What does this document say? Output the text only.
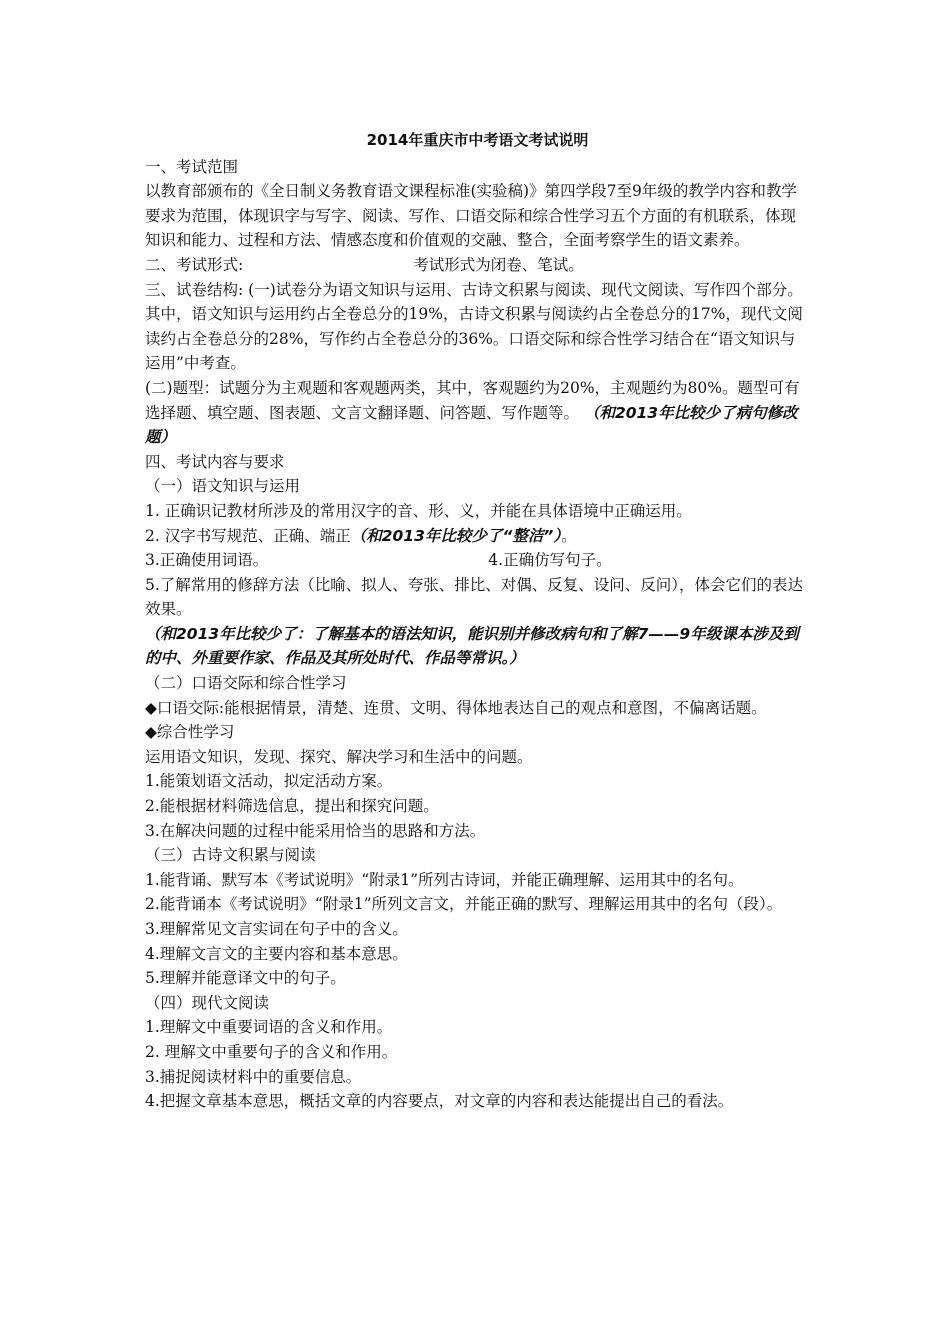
2014年重庆市中考语文考试说明

一、考试范围

以教育部颁布的《全日制义务教育语文课程标准(实验稿)》第四学段7至9年级的教学内容和教学要求为范围，体现识字与写字、阅读、写作、口语交际和综合性学习五个方面的有机联系，体现知识和能力、过程和方法、情感态度和价值观的交融、整合，全面考察学生的语文素养。

二、考试形式:	考试形式为闭卷、笔试。

三、试卷结构: (一)试卷分为语文知识与运用、古诗文积累与阅读、现代文阅读、写作四个部分。其中，语文知识与运用约占全卷总分的19%，古诗文积累与阅读约占全卷总分的17%，现代文阅读约占全卷总分的28%，写作约占全卷总分的36%。口语交际和综合性学习结合在“语文知识与运用”中考查。

(二)题型：试题分为主观题和客观题两类，其中，客观题约为20%，主观题约为80%。题型可有选择题、填空题、图表题、文言文翻译题、问答题、写作题等。 （和2013年比较少了病句修改题）

四、考试内容与要求

（一）语文知识与运用

1. 正确识记教材所涉及的常用汉字的音、形、义，并能在具体语境中正确运用。

2. 汉字书写规范、正确、端正（和2013年比较少了“整洁”）。

3.正确使用词语。	4.正确仿写句子。

5.了解常用的修辞方法（比喻、拟人、夸张、排比、对偶、反复、设问、反问），体会它们的表达效果。

（和2013年比较少了：了解基本的语法知识，能识别并修改病句和了解7——9年级课本涉及到的中、外重要作家、作品及其所处时代、作品等常识。）

（二）口语交际和综合性学习

◆口语交际:能根据情景，清楚、连贯、文明、得体地表达自己的观点和意图，不偏离话题。

◆综合性学习

运用语文知识，发现、探究、解决学习和生活中的问题。

1.能策划语文活动，拟定活动方案。

2.能根据材料筛选信息，提出和探究问题。

3.在解决问题的过程中能采用恰当的思路和方法。

（三）古诗文积累与阅读

1.能背诵、默写本《考试说明》“附录1”所列古诗词，并能正确理解、运用其中的名句。

2.能背诵本《考试说明》“附录1”所列文言文，并能正确的默写、理解运用其中的名句（段）。

3.理解常见文言实词在句子中的含义。

4.理解文言文的主要内容和基本意思。

5.理解并能意译文中的句子。

（四）现代文阅读

1.理解文中重要词语的含义和作用。

2. 理解文中重要句子的含义和作用。

3.捕捉阅读材料中的重要信息。

4.把握文章基本意思，概括文章的内容要点，对文章的内容和表达能提出自己的看法。
